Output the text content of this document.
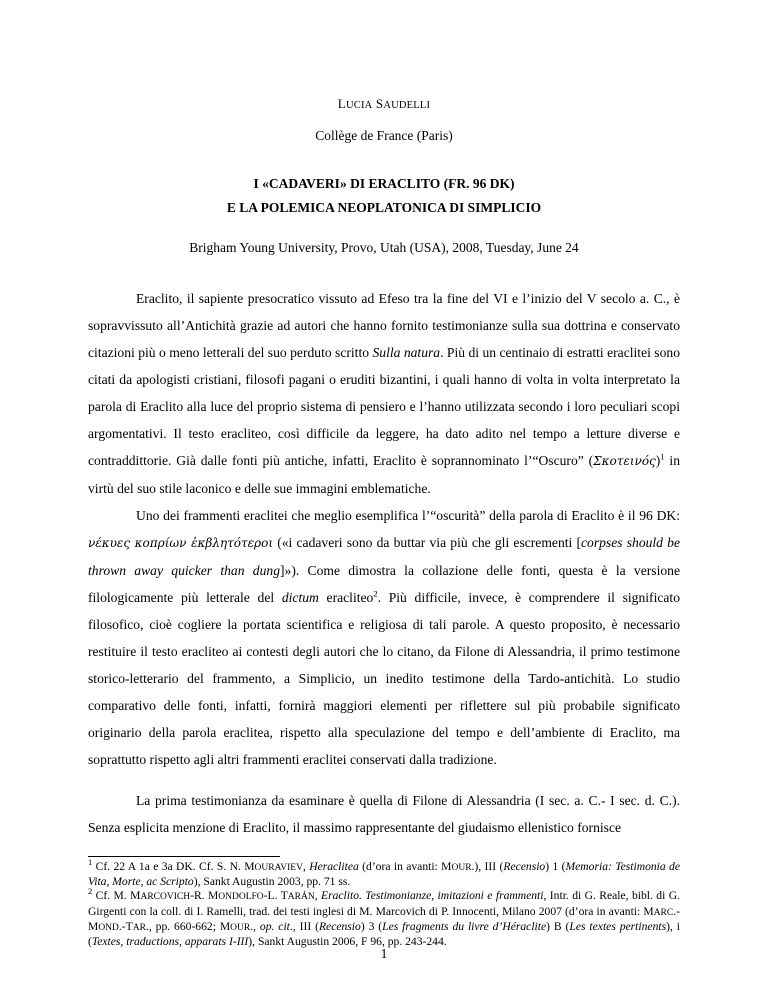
LUCIA SAUDELLI
Collège de France (Paris)
I «CADAVERI» DI ERACLITO (FR. 96 DK)
E LA POLEMICA NEOPLATONICA DI SIMPLICIO
Brigham Young University, Provo, Utah (USA), 2008, Tuesday, June 24

Eraclito, il sapiente presocratico vissuto ad Efeso tra la fine del VI e l’inizio del V secolo a. C., è sopravvissuto all’Antichità grazie ad autori che hanno fornito testimonianze sulla sua dottrina e conservato citazioni più o meno letterali del suo perduto scritto Sulla natura. Più di un centinaio di estratti eraclitei sono citati da apologisti cristiani, filosofi pagani o eruditi bizantini, i quali hanno di volta in volta interpretato la parola di Eraclito alla luce del proprio sistema di pensiero e l’hanno utilizzata secondo i loro peculiari scopi argomentativi. Il testo eracliteo, così difficile da leggere, ha dato adito nel tempo a letture diverse e contraddittorie. Già dalle fonti più antiche, infatti, Eraclito è soprannominato l’“Oscuro” $(\Sigma\kappa o\tau\varepsilon\iota\nu ό\varsigma)^1$ in virtù del suo stile laconico e delle sue immagini emblematiche.

Uno dei frammenti eraclitei che meglio esemplifica l’“oscurità” della parola di Eraclito è il 96 DK: νέκυες κοπρίων ἐκβλητότεροι («i cadaveri sono da buttar via più che gli escrementi [corpses should be thrown away quicker than dung]»). Come dimostra la collazione delle fonti, questa è la versione filologicamente più letterale del dictum eracliteo$^2$. Più difficile, invece, è comprendere il significato filosofico, cioè cogliere la portata scientifica e religiosa di tali parole. A questo proposito, è necessario restituire il testo eracliteo ai contesti degli autori che lo citano, da Filone di Alessandria, il primo testimone storico-letterario del frammento, a Simplicio, un inedito testimone della Tardo-antichità. Lo studio comparativo delle fonti, infatti, fornirà maggiori elementi per riflettere sul più probabile significato originario della parola eraclitea, rispetto alla speculazione del tempo e dell’ambiente di Eraclito, ma soprattutto rispetto agli altri frammenti eraclitei conservati dalla tradizione.

La prima testimonianza da esaminare è quella di Filone di Alessandria (I sec. a. C.- I sec. d. C.). Senza esplicita menzione di Eraclito, il massimo rappresentante del giudaismo ellenistico fornisce

$^1$ Cf. 22 A 1a e 3a DK. Cf. S. N. MOURAVIEV, Heraclitea (d’ora in avanti: MOUR.), III (Recensio) 1 (Memoria: Testimonia de Vita, Morte, ac Scripto), Sankt Augustin 2003, pp. 71 ss.

$^2$ Cf. M. MARCOVICH-R. MONDOLFO-L. TARÁN, Eraclito. Testimonianze, imitazioni e frammenti, Intr. di G. Reale, bibl. di G. Girgenti con la coll. di I. Ramelli, trad. dei testi inglesi di M. Marcovich di P. Innocenti, Milano 2007 (d’ora in avanti: MARC.-MOND.-TAR., pp. 660-662; MOUR., op. cit., III (Recensio) 3 (Les fragments du livre d’Héraclite) B (Les textes pertinents), i (Textes, traductions, apparats I-III), Sankt Augustin 2006, F 96, pp. 243-244.

1
